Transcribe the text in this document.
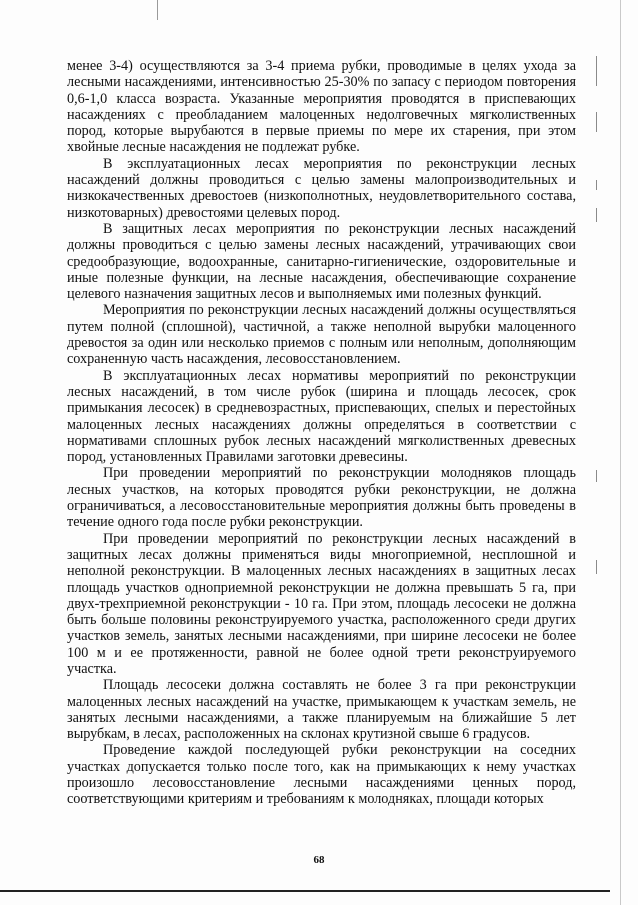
менее 3-4) осуществляются за 3-4 приема рубки, проводимые в целях ухода за лесными насаждениями, интенсивностью 25-30% по запасу с периодом повторения 0,6-1,0 класса возраста. Указанные мероприятия проводятся в приспевающих насаждениях с преобладанием малоценных недолговечных мягколиственных пород, которые вырубаются в первые приемы по мере их старения, при этом хвойные лесные насаждения не подлежат рубке.

В эксплуатационных лесах мероприятия по реконструкции лесных насаждений должны проводиться с целью замены малопроизводительных и низкокачественных древостоев (низкополнотных, неудовлетворительного состава, низкотоварных) древостоями целевых пород.

В защитных лесах мероприятия по реконструкции лесных насаждений должны проводиться с целью замены лесных насаждений, утрачивающих свои средообразующие, водоохранные, санитарно-гигиенические, оздоровительные и иные полезные функции, на лесные насаждения, обеспечивающие сохранение целевого назначения защитных лесов и выполняемых ими полезных функций.

Мероприятия по реконструкции лесных насаждений должны осуществляться путем полной (сплошной), частичной, а также неполной вырубки малоценного древостоя за один или несколько приемов с полным или неполным, дополняющим сохраненную часть насаждения, лесовосстановлением.

В эксплуатационных лесах нормативы мероприятий по реконструкции лесных насаждений, в том числе рубок (ширина и площадь лесосек, срок примыкания лесосек) в средневозрастных, приспевающих, спелых и перестойных малоценных лесных насаждениях должны определяться в соответствии с нормативами сплошных рубок лесных насаждений мягколиственных древесных пород, установленных Правилами заготовки древесины.

При проведении мероприятий по реконструкции молодняков площадь лесных участков, на которых проводятся рубки реконструкции, не должна ограничиваться, а лесовосстановительные мероприятия должны быть проведены в течение одного года после рубки реконструкции.

При проведении мероприятий по реконструкции лесных насаждений в защитных лесах должны применяться виды многоприемной, несплошной и неполной реконструкции. В малоценных лесных насаждениях в защитных лесах площадь участков одноприемной реконструкции не должна превышать 5 га, при двух-трехприемной реконструкции - 10 га. При этом, площадь лесосеки не должна быть больше половины реконструируемого участка, расположенного среди других участков земель, занятых лесными насаждениями, при ширине лесосеки не более 100 м и ее протяженности, равной не более одной трети реконструируемого участка.

Площадь лесосеки должна составлять не более 3 га при реконструкции малоценных лесных насаждений на участке, примыкающем к участкам земель, не занятых лесными насаждениями, а также планируемым на ближайшие 5 лет вырубкам, в лесах, расположенных на склонах крутизной свыше 6 градусов.

Проведение каждой последующей рубки реконструкции на соседних участках допускается только после того, как на примыкающих к нему участках произошло лесовосстановление лесными насаждениями ценных пород, соответствующими критериям и требованиям к молодняках, площади которых

68
